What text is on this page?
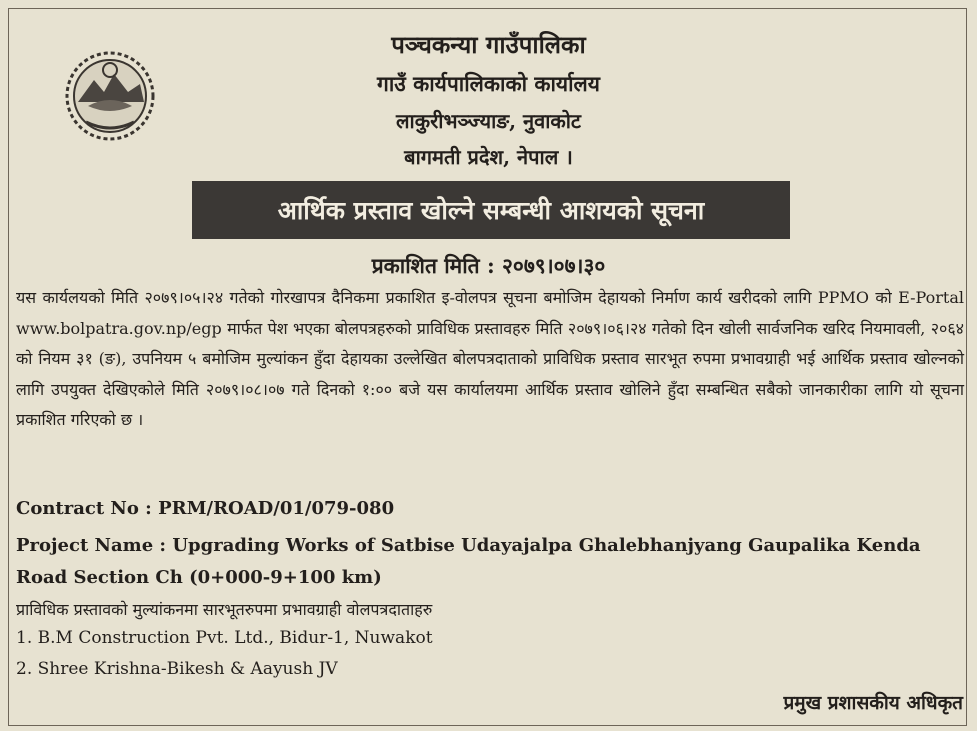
पञ्चकन्या गाउँपालिका
गाउँ कार्यपालिकाको कार्यालय
लाकुरीभञ्ज्याङ, नुवाकोट
बागमती प्रदेश, नेपाल ।
आर्थिक प्रस्ताव खोल्ने सम्बन्धी आशयको सूचना
प्रकाशित मिति : २०७९।०७।३०

यस कार्यलयको मिति २०७९।०५।२४ गतेको गोरखापत्र दैनिकमा प्रकाशित इ-वोलपत्र सूचना बमोजिम देहायको निर्माण कार्य खरीदको लागि PPMO को E-Portal www.bolpatra.gov.np/egp मार्फत पेश भएका बोलपत्रहरुको प्राविधिक प्रस्तावहरु मिति २०७९।०६।२४ गतेको दिन खोली सार्वजनिक खरिद नियमावली, २०६४ को नियम ३१ (ङ), उपनियम ५ बमोजिम मुल्यांकन हुँदा देहायका उल्लेखित बोलपत्रदाताको प्राविधिक प्रस्ताव सारभूत रुपमा प्रभावग्राही भई आर्थिक प्रस्ताव खोल्नको लागि उपयुक्त देखिएकोले मिति २०७९।०८।०७ गते दिनको १:०० बजे यस कार्यालयमा आर्थिक प्रस्ताव खोलिने हुँदा सम्बन्धित सबैको जानकारीका लागि यो सूचना प्रकाशित गरिएको छ ।

Contract No : PRM/ROAD/01/079-080
Project Name : Upgrading Works of Satbise Udayajalpa Ghalebhanjyang Gaupalika Kenda Road Section Ch (0+000-9+100 km)
प्राविधिक प्रस्तावको मुल्यांकनमा सारभूतरुपमा प्रभावग्राही वोलपत्रदाताहरु
1. B.M Construction Pvt. Ltd., Bidur-1, Nuwakot
2. Shree Krishna-Bikesh & Aayush JV
प्रमुख प्रशासकीय अधिकृत
